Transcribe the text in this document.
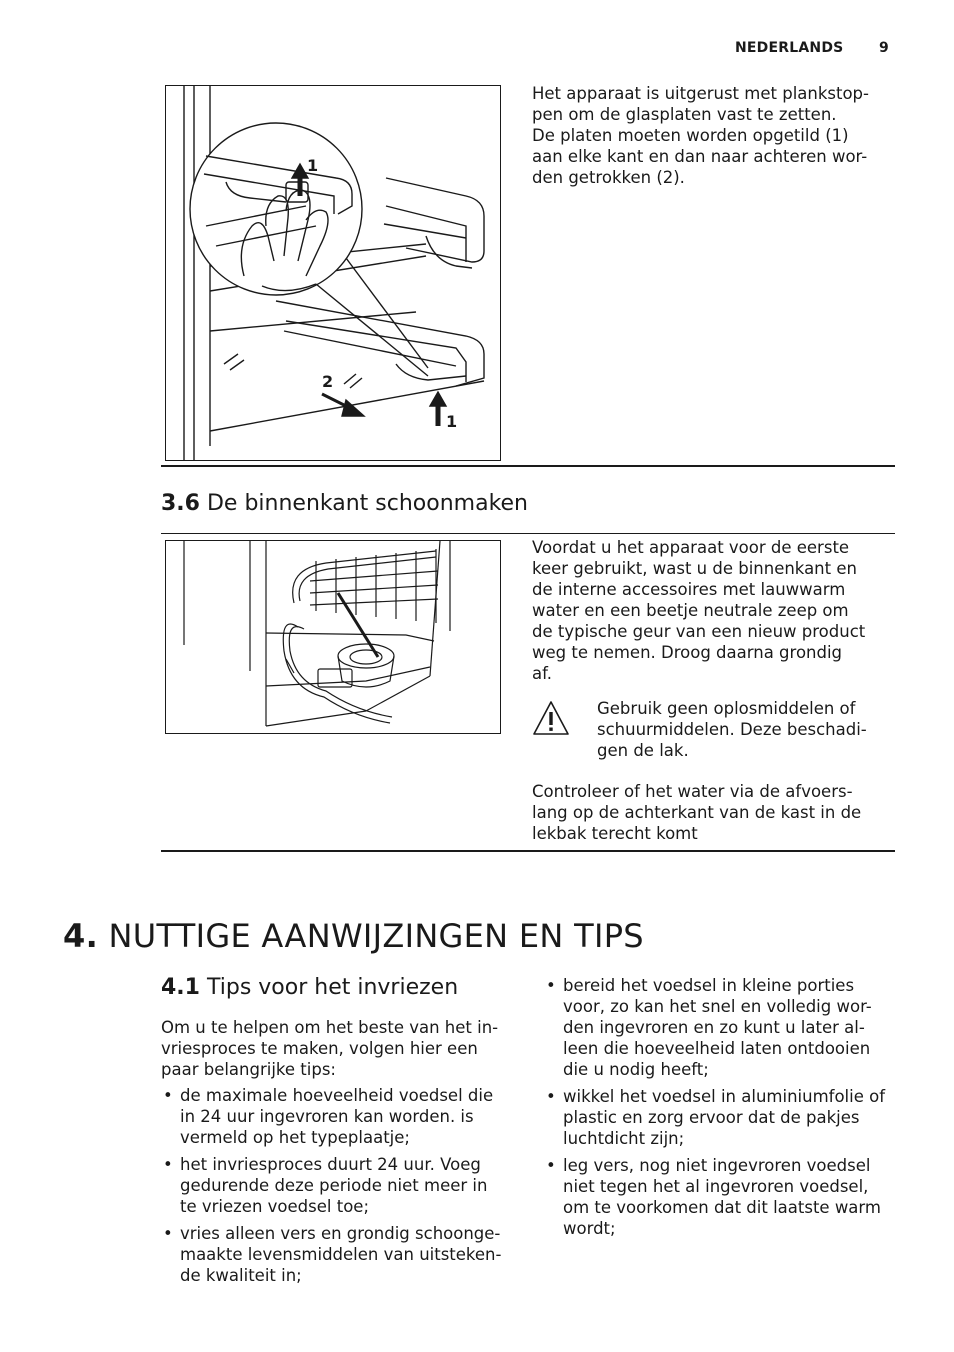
NEDERLANDS	9
1
2
1
Het apparaat is uitgerust met plankstop-
pen om de glasplaten vast te zetten.
De platen moeten worden opgetild (1)
aan elke kant en dan naar achteren wor-
den getrokken (2).
3.6 De binnenkant schoonmaken
Voordat u het apparaat voor de eerste
keer gebruikt, wast u de binnenkant en
de interne accessoires met lauwwarm
water en een beetje neutrale zeep om
de typische geur van een nieuw product
weg te nemen. Droog daarna grondig
af.
Gebruik geen oplosmiddelen of
schuurmiddelen. Deze beschadi-
gen de lak.
Controleer of het water via de afvoers-
lang op de achterkant van de kast in de
lekbak terecht komt
4. NUTTIGE AANWIJZINGEN EN TIPS
4.1 Tips voor het invriezen
Om u te helpen om het beste van het in-
vriesproces te maken, volgen hier een
paar belangrijke tips:
• de maximale hoeveelheid voedsel die
in 24 uur ingevroren kan worden. is
vermeld op het typeplaatje;
• het invriesproces duurt 24 uur. Voeg
gedurende deze periode niet meer in
te vriezen voedsel toe;
• vries alleen vers en grondig schoonge-
maakte levensmiddelen van uitsteken-
de kwaliteit in;
• bereid het voedsel in kleine porties
voor, zo kan het snel en volledig wor-
den ingevroren en zo kunt u later al-
leen die hoeveelheid laten ontdooien
die u nodig heeft;
• wikkel het voedsel in aluminiumfolie of
plastic en zorg ervoor dat de pakjes
luchtdicht zijn;
• leg vers, nog niet ingevroren voedsel
niet tegen het al ingevroren voedsel,
om te voorkomen dat dit laatste warm
wordt;
